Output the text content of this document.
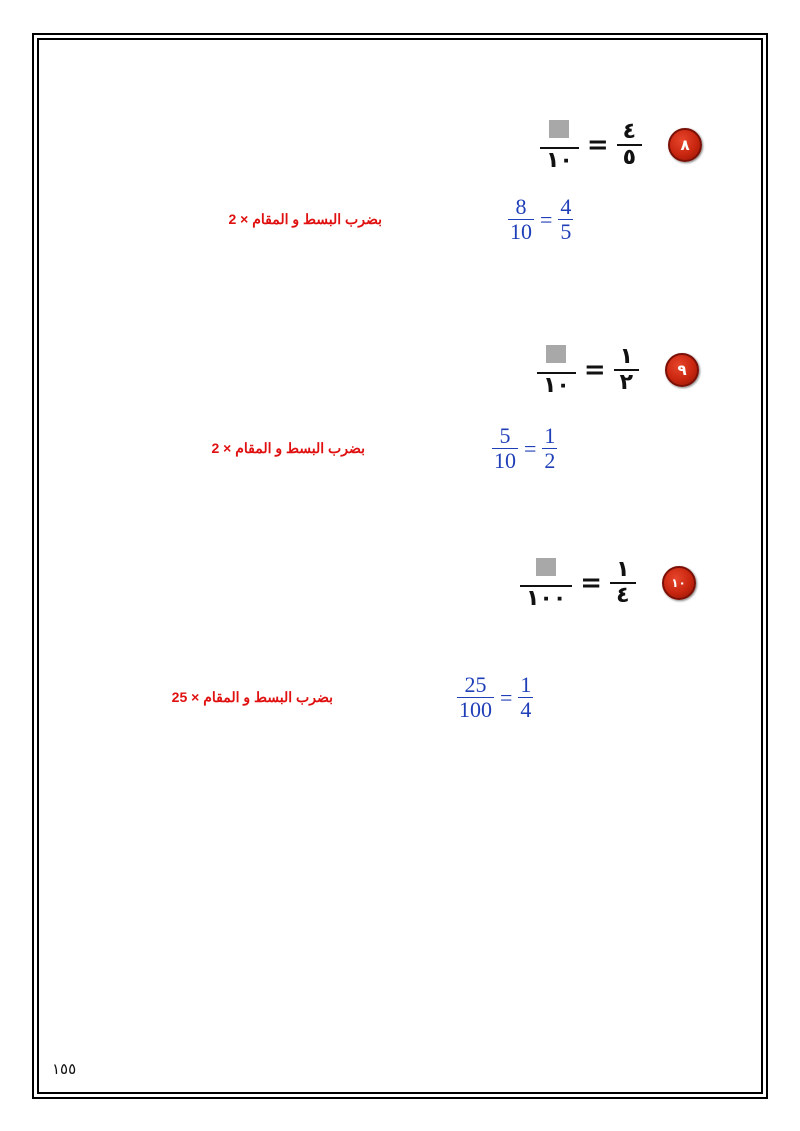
١٠
= $\frac{٤}{٥}$	٨
$\frac{8}{10} = \frac{4}{5}$
بضرب البسط و المقام × 2
١٠
= $\frac{١}{٢}$	٩
$\frac{5}{10} = \frac{1}{2}$
بضرب البسط و المقام × 2
١٠٠
= $\frac{١}{٤}$	١٠
$\frac{25}{100} = \frac{1}{4}$
بضرب البسط و المقام × 25
١٥٥
